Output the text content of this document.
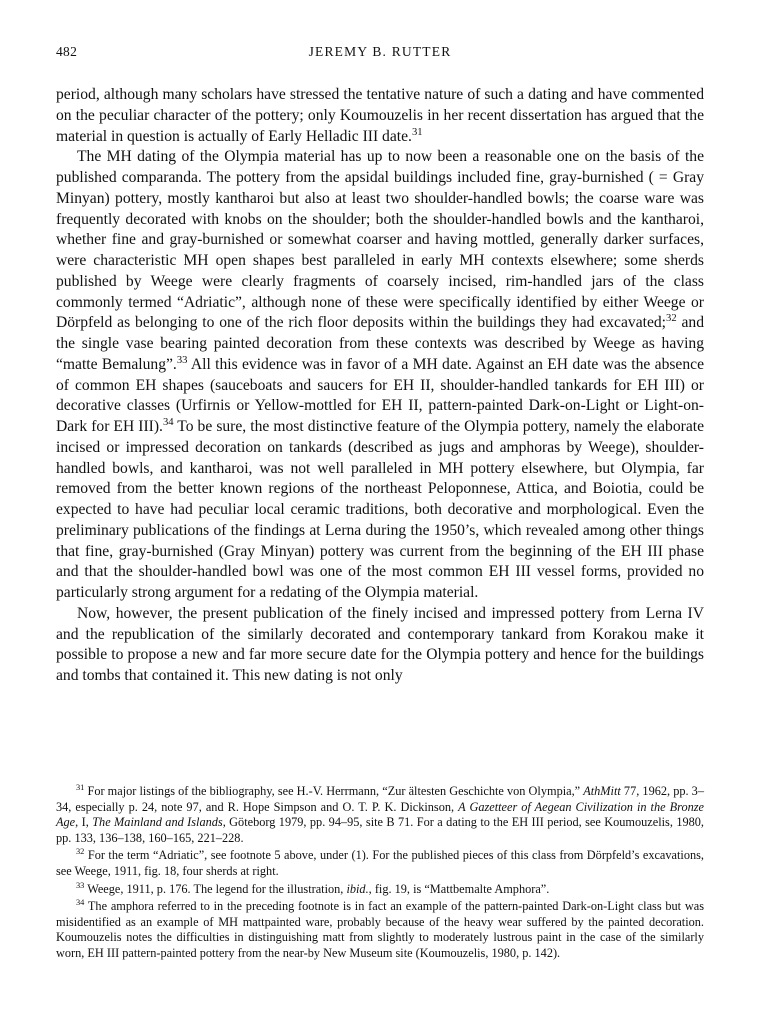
482	JEREMY B. RUTTER

period, although many scholars have stressed the tentative nature of such a dating and have commented on the peculiar character of the pottery; only Koumouzelis in her recent dissertation has argued that the material in question is actually of Early Helladic III date.$^{31}$

The MH dating of the Olympia material has up to now been a reasonable one on the basis of the published comparanda. The pottery from the apsidal buildings included fine, gray-burnished ( = Gray Minyan) pottery, mostly kantharoi but also at least two shoulder-handled bowls; the coarse ware was frequently decorated with knobs on the shoulder; both the shoulder-handled bowls and the kantharoi, whether fine and gray-burnished or somewhat coarser and having mottled, generally darker surfaces, were characteristic MH open shapes best paralleled in early MH contexts elsewhere; some sherds published by Weege were clearly fragments of coarsely incised, rim-handled jars of the class commonly termed “Adriatic”, although none of these were specifically identified by either Weege or Dörpfeld as belonging to one of the rich floor deposits within the buildings they had excavated;$^{32}$ and the single vase bearing painted decoration from these contexts was described by Weege as having “matte Bemalung”.$^{33}$ All this evidence was in favor of a MH date. Against an EH date was the absence of common EH shapes (sauceboats and saucers for EH II, shoulder-handled tankards for EH III) or decorative classes (Urfirnis or Yellow-mottled for EH II, pattern-painted Dark-on-Light or Light-on-Dark for EH III).$^{34}$ To be sure, the most distinctive feature of the Olympia pottery, namely the elaborate incised or impressed decoration on tankards (described as jugs and amphoras by Weege), shoulder-handled bowls, and kantharoi, was not well paralleled in MH pottery elsewhere, but Olympia, far removed from the better known regions of the northeast Peloponnese, Attica, and Boiotia, could be expected to have had peculiar local ceramic traditions, both decorative and morphological. Even the preliminary publications of the findings at Lerna during the 1950’s, which revealed among other things that fine, gray-burnished (Gray Minyan) pottery was current from the beginning of the EH III phase and that the shoulder-handled bowl was one of the most common EH III vessel forms, provided no particularly strong argument for a redating of the Olympia material.

Now, however, the present publication of the finely incised and impressed pottery from Lerna IV and the republication of the similarly decorated and contemporary tankard from Korakou make it possible to propose a new and far more secure date for the Olympia pottery and hence for the buildings and tombs that contained it. This new dating is not only

$^{31}$ For major listings of the bibliography, see H.-V. Herrmann, “Zur ältesten Geschichte von Olympia,” AthMitt 77, 1962, pp. 3–34, especially p. 24, note 97, and R. Hope Simpson and O. T. P. K. Dickinson, A Gazetteer of Aegean Civilization in the Bronze Age, I, The Mainland and Islands, Göteborg 1979, pp. 94–95, site B 71. For a dating to the EH III period, see Koumouzelis, 1980, pp. 133, 136–138, 160–165, 221–228.

$^{32}$ For the term “Adriatic”, see footnote 5 above, under (1). For the published pieces of this class from Dörpfeld’s excavations, see Weege, 1911, fig. 18, four sherds at right.

$^{33}$ Weege, 1911, p. 176. The legend for the illustration, ibid., fig. 19, is “Mattbemalte Amphora”.

$^{34}$ The amphora referred to in the preceding footnote is in fact an example of the pattern-painted Dark-on-Light class but was misidentified as an example of MH mattpainted ware, probably because of the heavy wear suffered by the painted decoration. Koumouzelis notes the difficulties in distinguishing matt from slightly to moderately lustrous paint in the case of the similarly worn, EH III pattern-painted pottery from the near-by New Museum site (Koumouzelis, 1980, p. 142).
